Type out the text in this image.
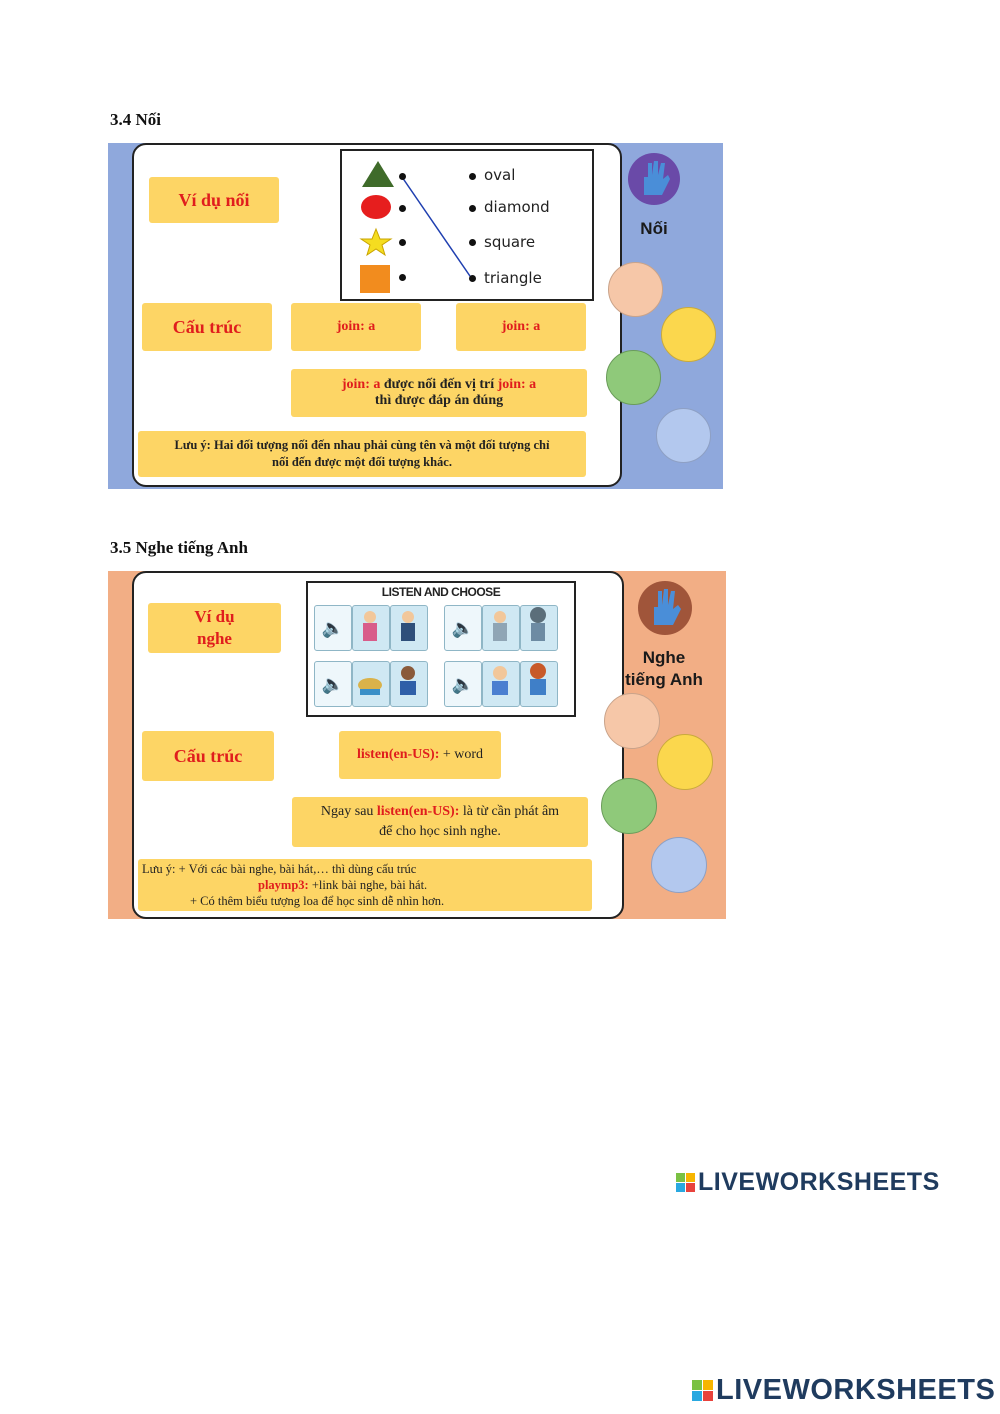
3.4 Nối
Ví dụ nối
oval
diamond
square
triangle
Cấu trúc	join: a	join: a
join: a được nối đến vị trí join: a
thì được đáp án đúng
Lưu ý: Hai đối tượng nối đến nhau phải cùng tên và một đối tượng chỉ
nối đến được một đối tượng khác.
Nối
3.5 Nghe tiếng Anh
Ví dụ
nghe
LISTEN AND CHOOSE
🔈	🔈
🔈	🔈
Cấu trúc	listen(en-US): + word
Ngay sau listen(en-US): là từ cần phát âm
để cho học sinh nghe.
Lưu ý: + Với các bài nghe, bài hát,… thì dùng cấu trúc
playmp3: +link bài nghe, bài hát.
+ Có thêm biểu tượng loa để học sinh dễ nhìn hơn.
Nghe
tiếng Anh
LIVEWORKSHEETS
LIVEWORKSHEETS
